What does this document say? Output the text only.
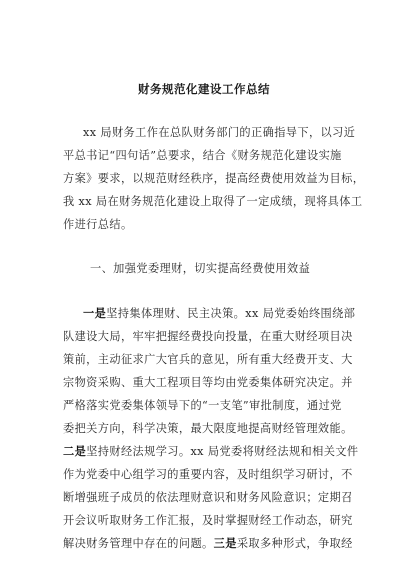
财务规范化建设工作总结
xx 局财务工作在总队财务部门的正确指导下，以习近
平总书记“四句话”总要求，结合《财务规范化建设实施
方案》要求，以规范财经秩序，提高经费使用效益为目标，
我 xx 局在财务规范化建设上取得了一定成绩，现将具体工
作进行总结。
一、加强党委理财，切实提高经费使用效益
一是坚持集体理财、民主决策。xx 局党委始终围绕部
队建设大局，牢牢把握经费投向投量，在重大财经项目决
策前，主动征求广大官兵的意见，所有重大经费开支、大
宗物资采购、重大工程项目等均由党委集体研究决定。并
严格落实党委集体领导下的“一支笔”审批制度，通过党
委把关方向，科学决策，最大限度地提高财经管理效能。
二是坚持财经法规学习。xx 局党委将财经法规和相关文件
作为党委中心组学习的重要内容，及时组织学习研讨，不
断增强班子成员的依法理财意识和财务风险意识；定期召
开会议听取财务工作汇报，及时掌握财经工作动态，研究
解决财务管理中存在的问题。三是采取多种形式，争取经
